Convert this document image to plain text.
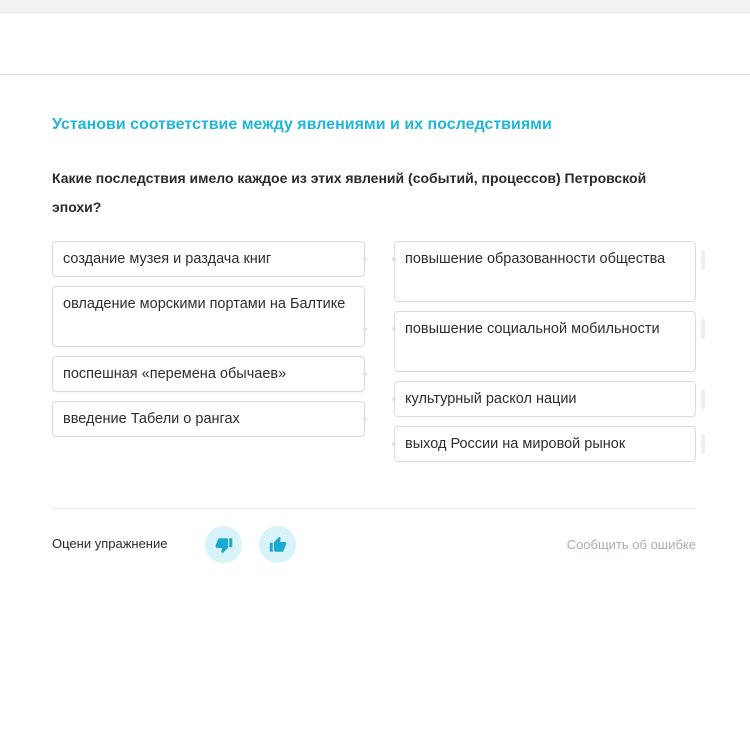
Установи соответствие между явлениями и их последствиями
Какие последствия имело каждое из этих явлений (событий, процессов) Петровской эпохи?
создание музея и раздача книг
овладение морскими портами на Балтике
поспешная «перемена обычаев»
введение Табели о рангах
повышение образованности общества
повышение социальной мобильности
культурный раскол нации
выход России на мировой рынок
Оцени упражнение	Сообщить об ошибке
